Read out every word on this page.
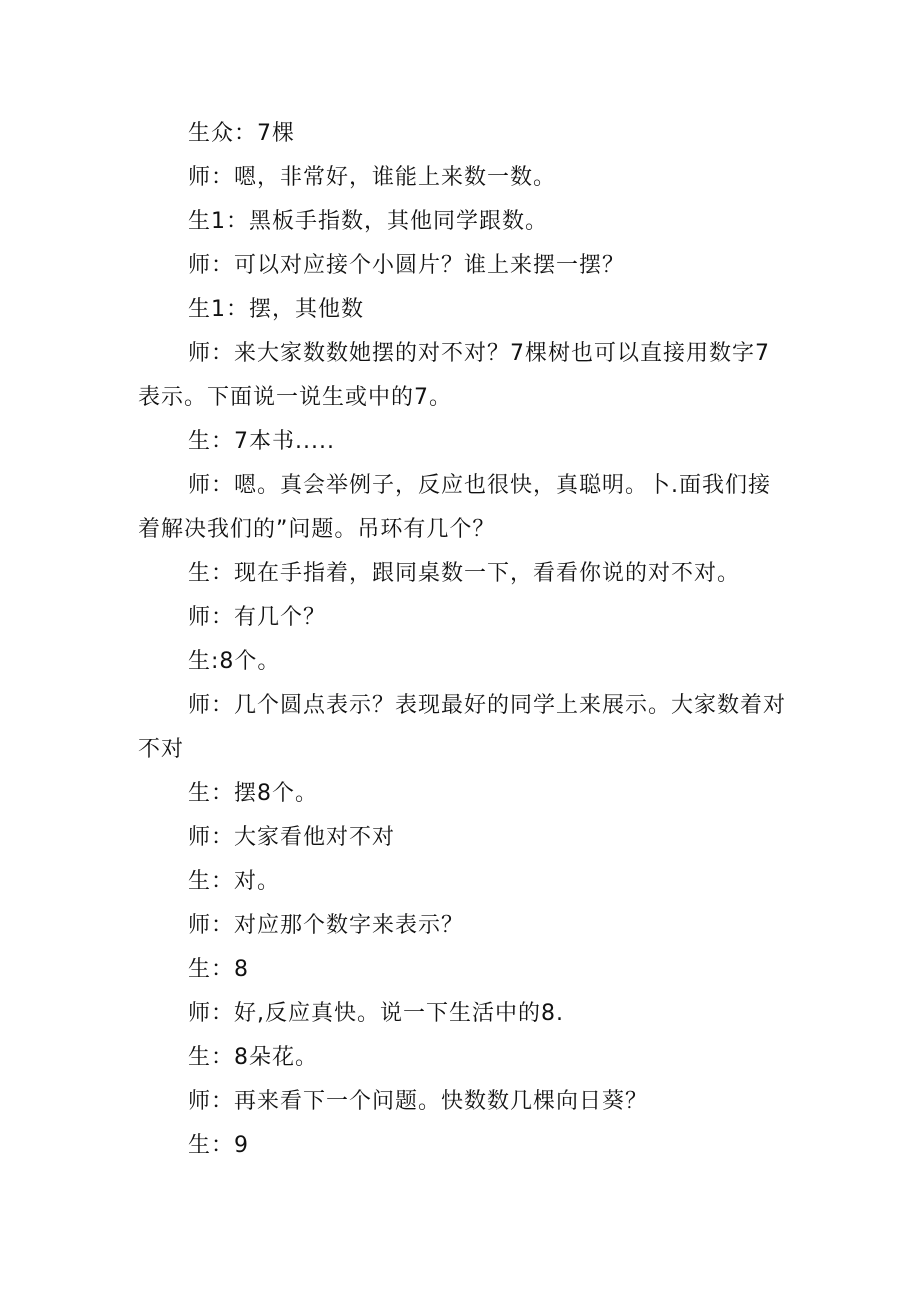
生众：7棵

师：嗯，非常好，谁能上来数一数。

生1：黑板手指数，其他同学跟数。

师：可以对应接个小圆片？谁上来摆一摆？

生1：摆，其他数

师：来大家数数她摆的对不对？7棵树也可以直接用数字7表示。下面说一说生或中的7。

生：7本书.....

师：嗯。真会举例子，反应也很快，真聪明。卜.面我们接着解决我们的”问题。吊环有几个？

生：现在手指着，跟同桌数一下，看看你说的对不对。

师：有几个？

生:8个。

师：几个圆点表示？表现最好的同学上来展示。大家数着对不对

生：摆8个。

师：大家看他对不对

生：对。

师：对应那个数字来表示？

生：8

师：好,反应真快。说一下生活中的8.

生：8朵花。

师：再来看下一个问题。快数数几棵向日葵？

生：9
